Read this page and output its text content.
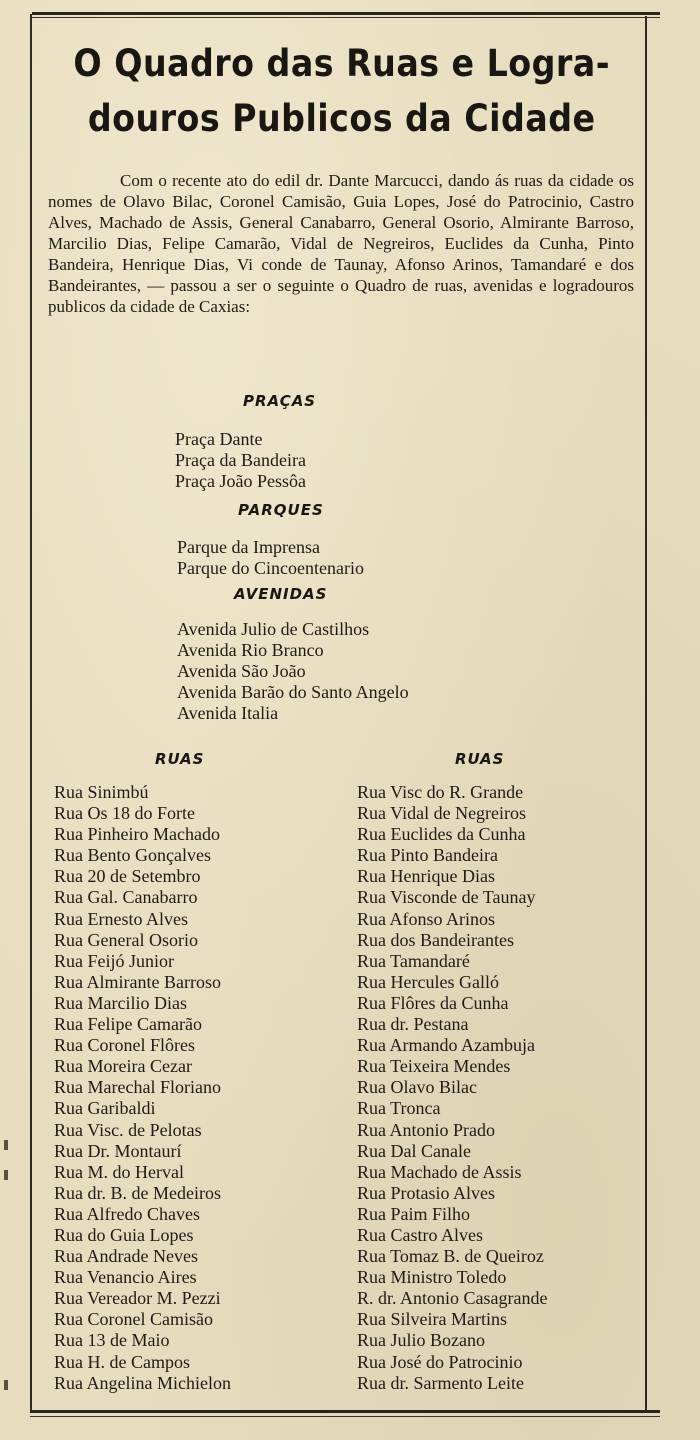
O Quadro das Ruas e Logra-
douros Publicos da Cidade

Com o recente ato do edil dr. Dante Marcucci, dando ás ruas da cidade os nomes de Olavo Bilac, Coronel Camisão, Guia Lopes, José do Patrocinio, Castro Alves, Machado de Assis, General Canabarro, General Osorio, Almirante Barroso, Marcilio Dias, Felipe Camarão, Vidal de Negreiros, Euclides da Cunha, Pinto Bandeira, Henrique Dias, Vi conde de Taunay, Afonso Arinos, Tamandaré e dos Bandeirantes, — passou a ser o seguinte o Quadro de ruas, avenidas e logradouros publicos da cidade de Caxias:

PRAÇAS
Praça Dante
Praça da Bandeira
Praça João Pessôa
PARQUES
Parque da Imprensa
Parque do Cincoentenario
AVENIDAS
Avenida Julio de Castilhos
Avenida Rio Branco
Avenida São João
Avenida Barão do Santo Angelo
Avenida Italia
RUAS	RUAS
Rua Sinimbú
Rua Os 18 do Forte
Rua Pinheiro Machado
Rua Bento Gonçalves
Rua 20 de Setembro
Rua Gal. Canabarro
Rua Ernesto Alves
Rua General Osorio
Rua Feijó Junior
Rua Almirante Barroso
Rua Marcilio Dias
Rua Felipe Camarão
Rua Coronel Flôres
Rua Moreira Cezar
Rua Marechal Floriano
Rua Garibaldi
Rua Visc. de Pelotas
Rua Dr. Montaurí
Rua M. do Herval
Rua dr. B. de Medeiros
Rua Alfredo Chaves
Rua do Guia Lopes
Rua Andrade Neves
Rua Venancio Aires
Rua Vereador M. Pezzi
Rua Coronel Camisão
Rua 13 de Maio
Rua H. de Campos
Rua Angelina Michielon
Rua Visc do R. Grande
Rua Vidal de Negreiros
Rua Euclides da Cunha
Rua Pinto Bandeira
Rua Henrique Dias
Rua Visconde de Taunay
Rua Afonso Arinos
Rua dos Bandeirantes
Rua Tamandaré
Rua Hercules Galló
Rua Flôres da Cunha
Rua dr. Pestana
Rua Armando Azambuja
Rua Teixeira Mendes
Rua Olavo Bilac
Rua Tronca
Rua Antonio Prado
Rua Dal Canale
Rua Machado de Assis
Rua Protasio Alves
Rua Paim Filho
Rua Castro Alves
Rua Tomaz B. de Queiroz
Rua Ministro Toledo
R. dr. Antonio Casagrande
Rua Silveira Martins
Rua Julio Bozano
Rua José do Patrocinio
Rua dr. Sarmento Leite
